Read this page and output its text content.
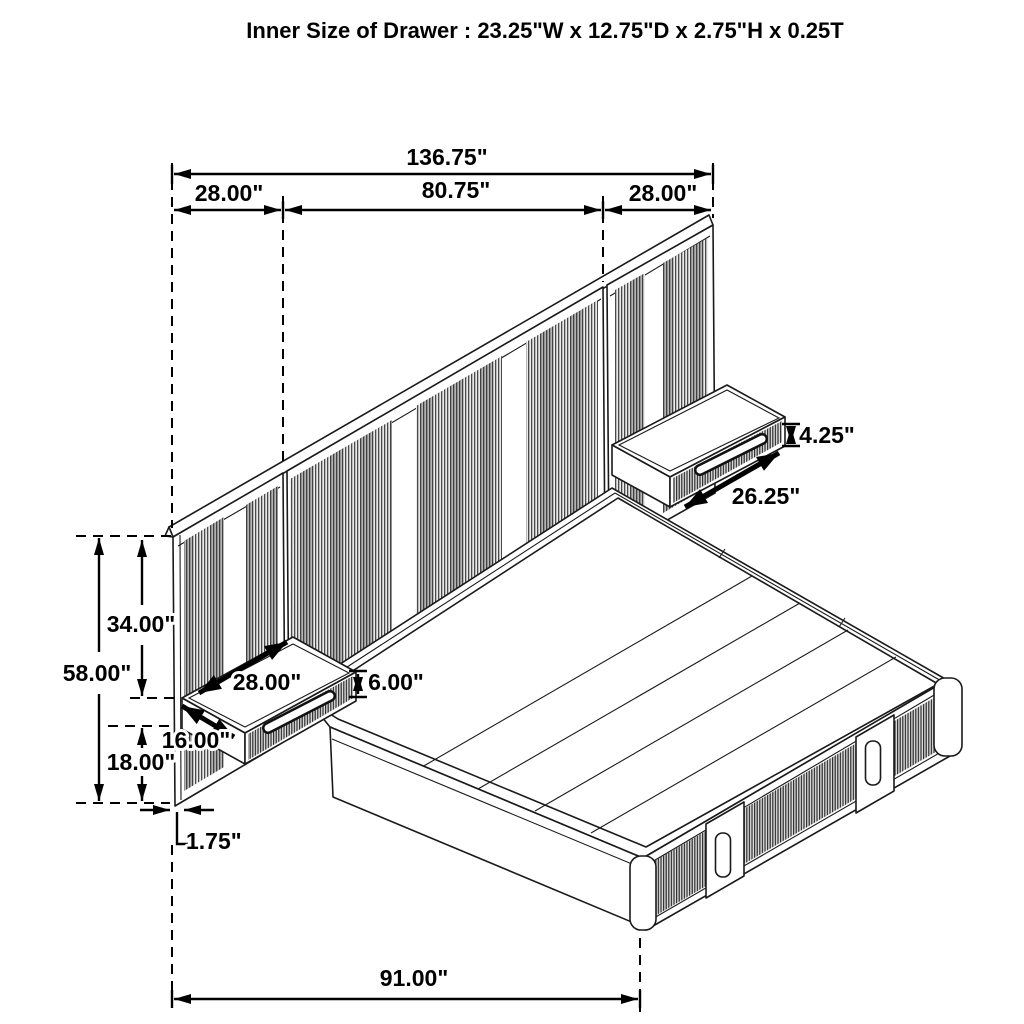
Inner Size of Drawer : 23.25"W x 12.75"D x 2.75"H x 0.25T
136.75"
28.00"	80.75"	28.00"
58.00"
34.00"
18.00"
1.75"
91.00"
28.00"
16.00"
6.00"
4.25"
26.25"
